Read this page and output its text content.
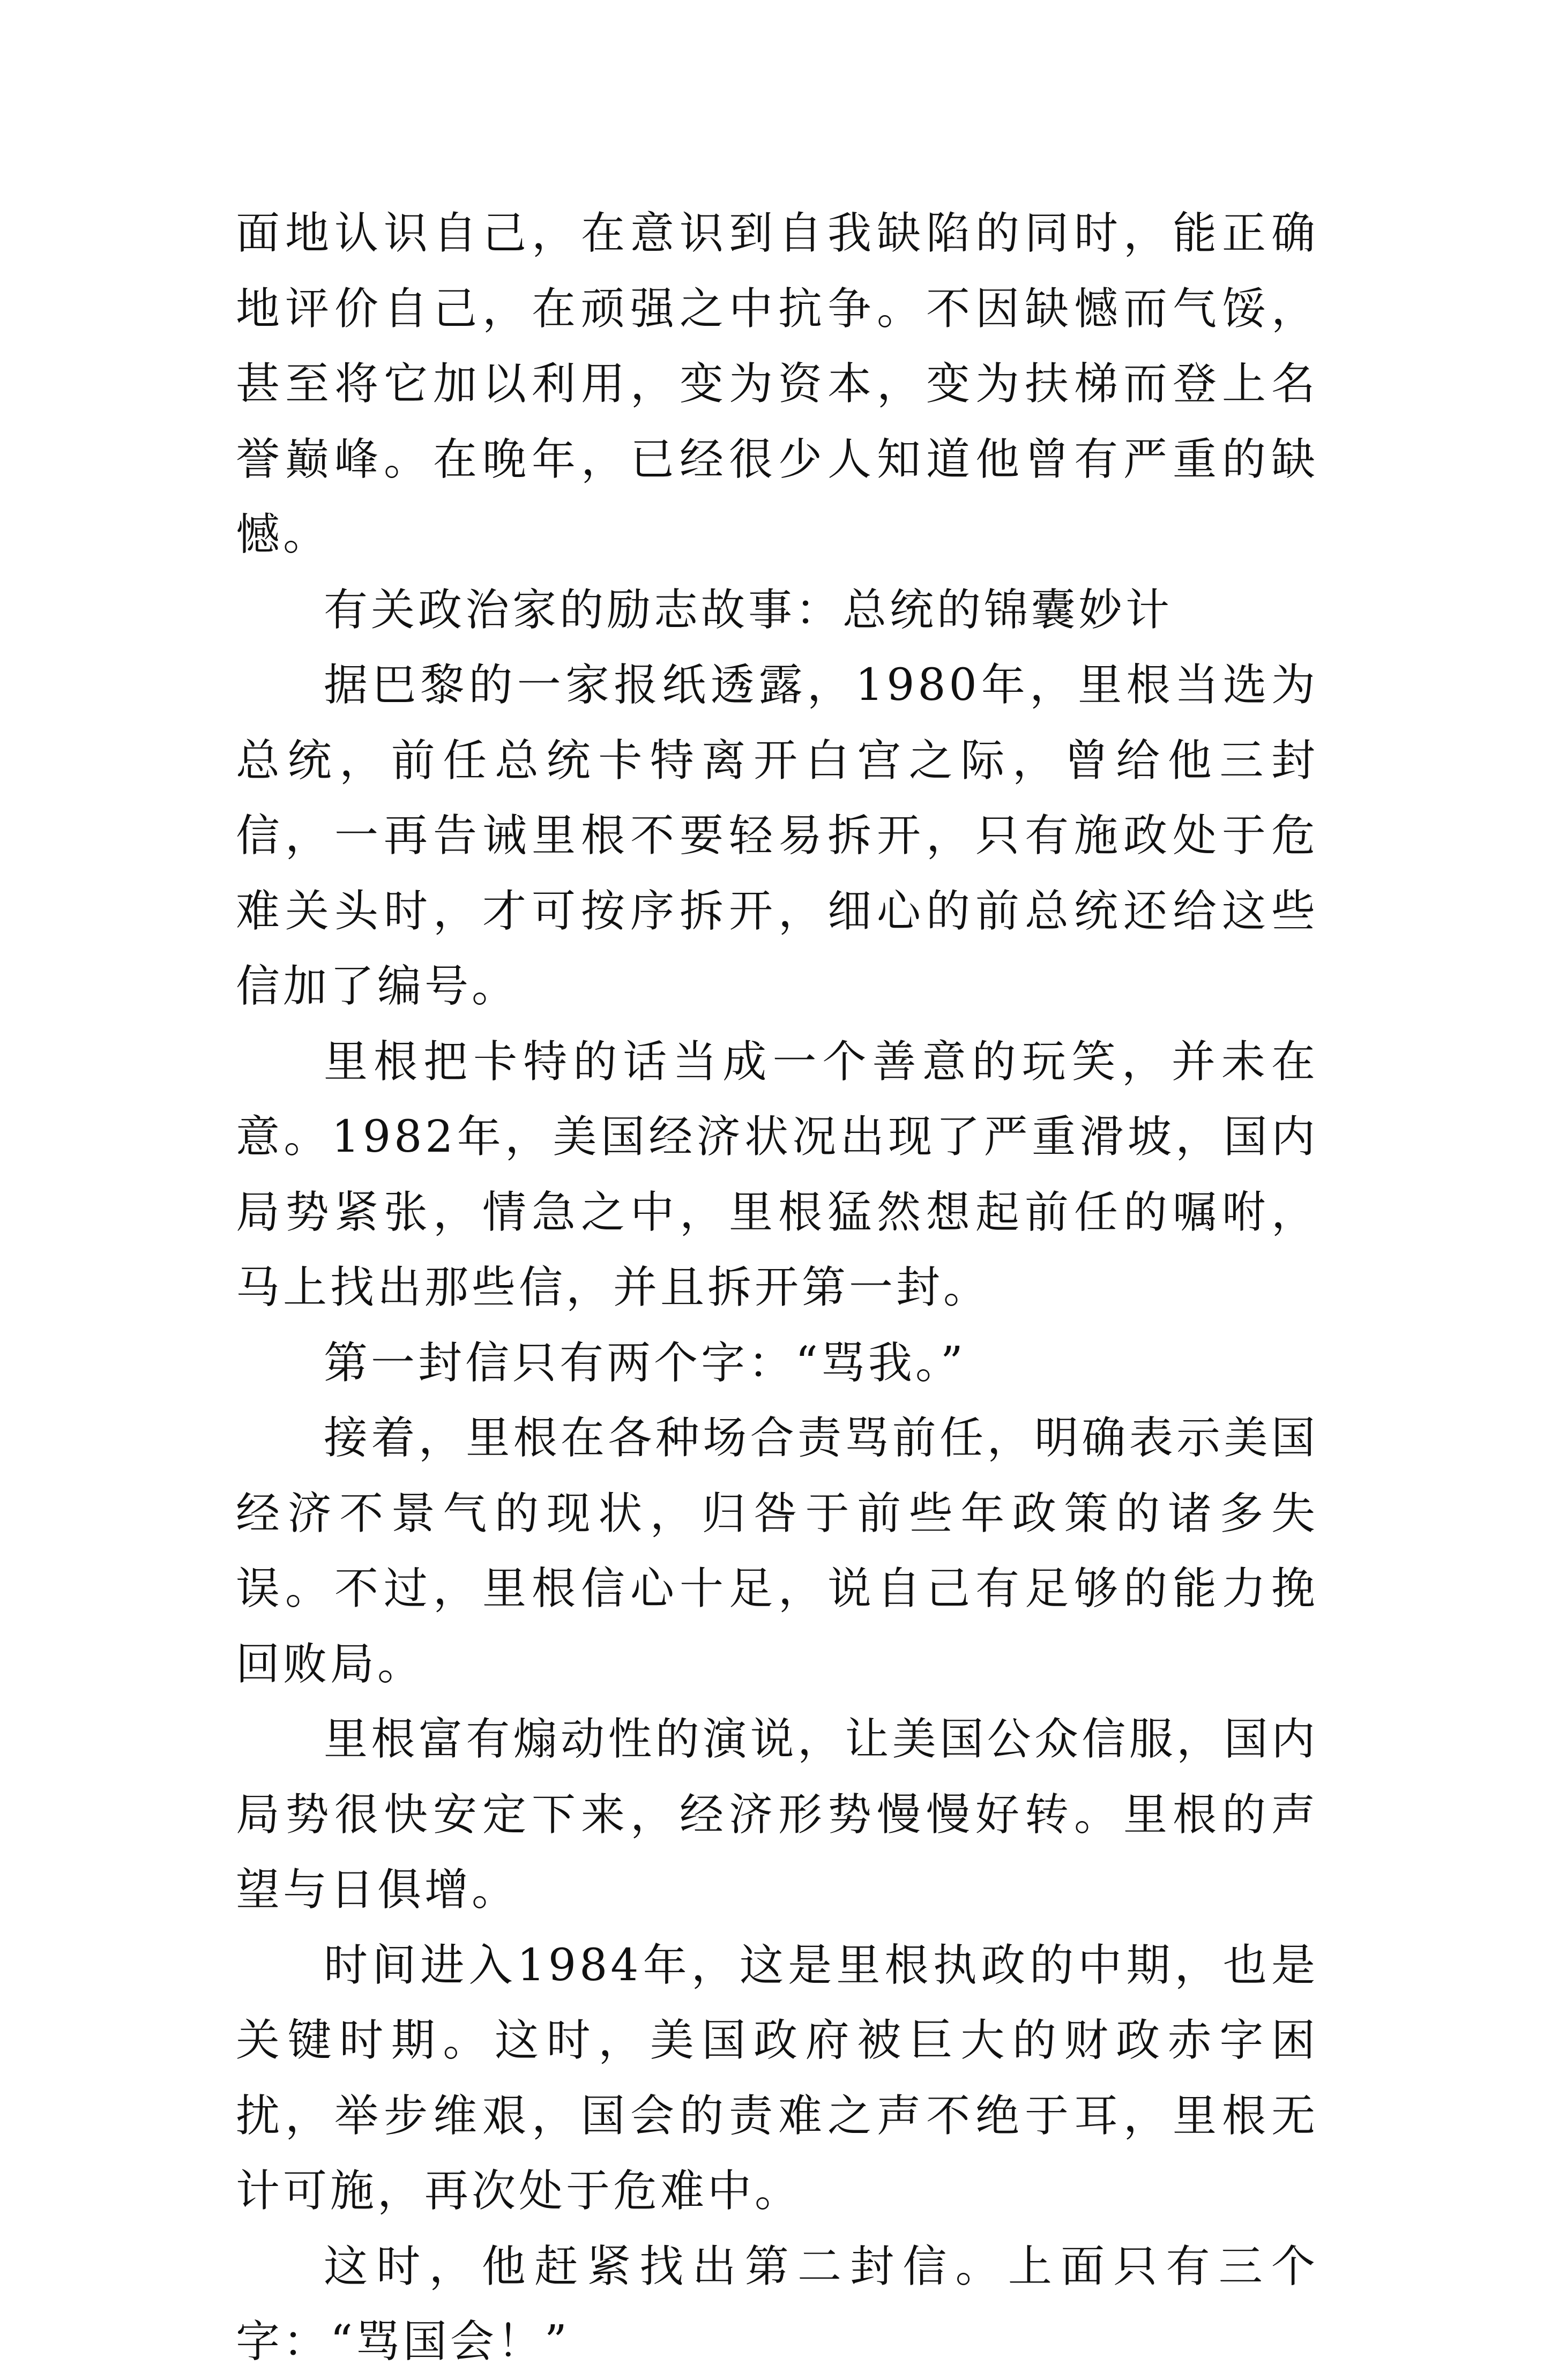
面地认识自己，在意识到自我缺陷的同时，能正确地评价自己，在顽强之中抗争。不因缺憾而气馁，甚至将它加以利用，变为资本，变为扶梯而登上名誉巅峰。在晚年，已经很少人知道他曾有严重的缺憾。

有关政治家的励志故事：总统的锦囊妙计

据巴黎的一家报纸透露，1980年，里根当选为总统，前任总统卡特离开白宫之际，曾给他三封信，一再告诫里根不要轻易拆开，只有施政处于危难关头时，才可按序拆开，细心的前总统还给这些信加了编号。

里根把卡特的话当成一个善意的玩笑，并未在意。1982年，美国经济状况出现了严重滑坡，国内局势紧张，情急之中，里根猛然想起前任的嘱咐，马上找出那些信，并且拆开第一封。

第一封信只有两个字：“骂我。”

接着，里根在各种场合责骂前任，明确表示美国经济不景气的现状，归咎于前些年政策的诸多失误。不过，里根信心十足，说自己有足够的能力挽回败局。

里根富有煽动性的演说，让美国公众信服，国内局势很快安定下来，经济形势慢慢好转。里根的声望与日俱增。

时间进入1984年，这是里根执政的中期，也是关键时期。这时，美国政府被巨大的财政赤字困扰，举步维艰，国会的责难之声不绝于耳，里根无计可施，再次处于危难中。

这时，他赶紧找出第二封信。上面只有三个字：“骂国会！”
